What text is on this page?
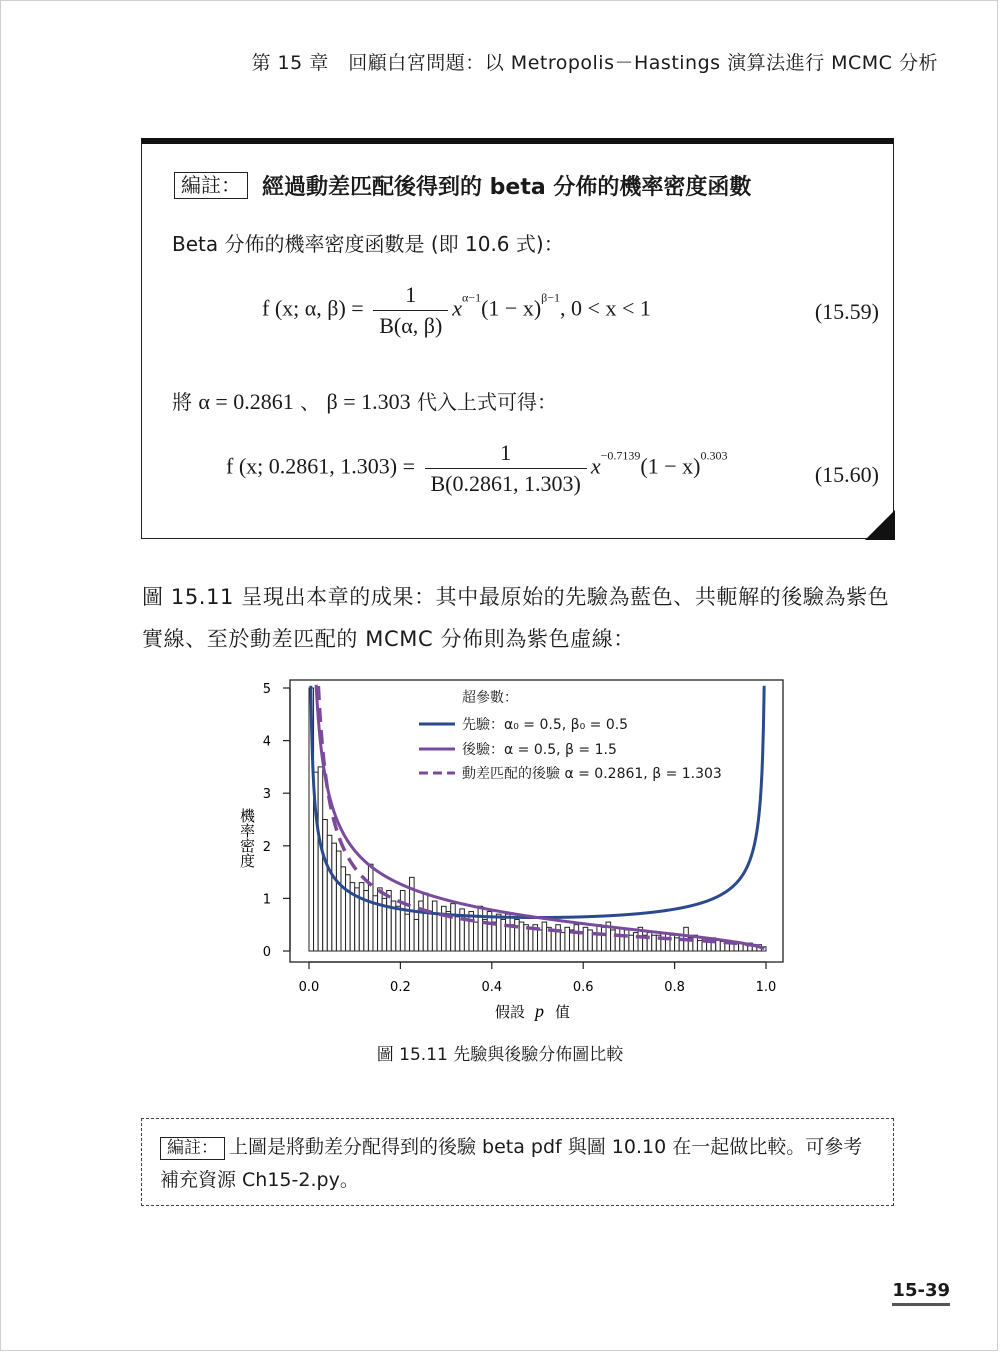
第 15 章　回顧白宮問題：以 Metropolis－Hastings 演算法進行 MCMC 分析
編註： 經過動差匹配後得到的 beta 分佈的機率密度函數
Beta 分佈的機率密度函數是 (即 10.6 式)：
f (x; α, $\beta) = \frac{1}{B(\alpha, \beta)} x^{\alpha-1}(1 - x)^{\beta-1}$, 0 < x < 1	(15.59)
將 α = 0.2861 、 β = 1.303 代入上式可得：
f (x; 0.2861, $1.303) = \frac{1}{B(0.2861, 1.303)} x^{-0.7139}(1 - x)^{0.303}$
(15.60)
圖 15.11 呈現出本章的成果：其中最原始的先驗為藍色、共軛解的後驗為紫色實線、至於動差匹配的 MCMC 分佈則為紫色虛線：
0
1
2
3
4
5
0.0	0.2	0.4	0.6	0.8	1.0
超參數：
先驗：α₀ = 0.5, β₀ = 0.5
後驗：α = 0.5, β = 1.5
動差匹配的後驗 α = 0.2861, β = 1.303
機率密度
假設 p 值
圖 15.11 先驗與後驗分佈圖比較
編註： 上圖是將動差分配得到的後驗 beta pdf 與圖 10.10 在一起做比較。可參考補充資源 Ch15-2.py。
15-39
